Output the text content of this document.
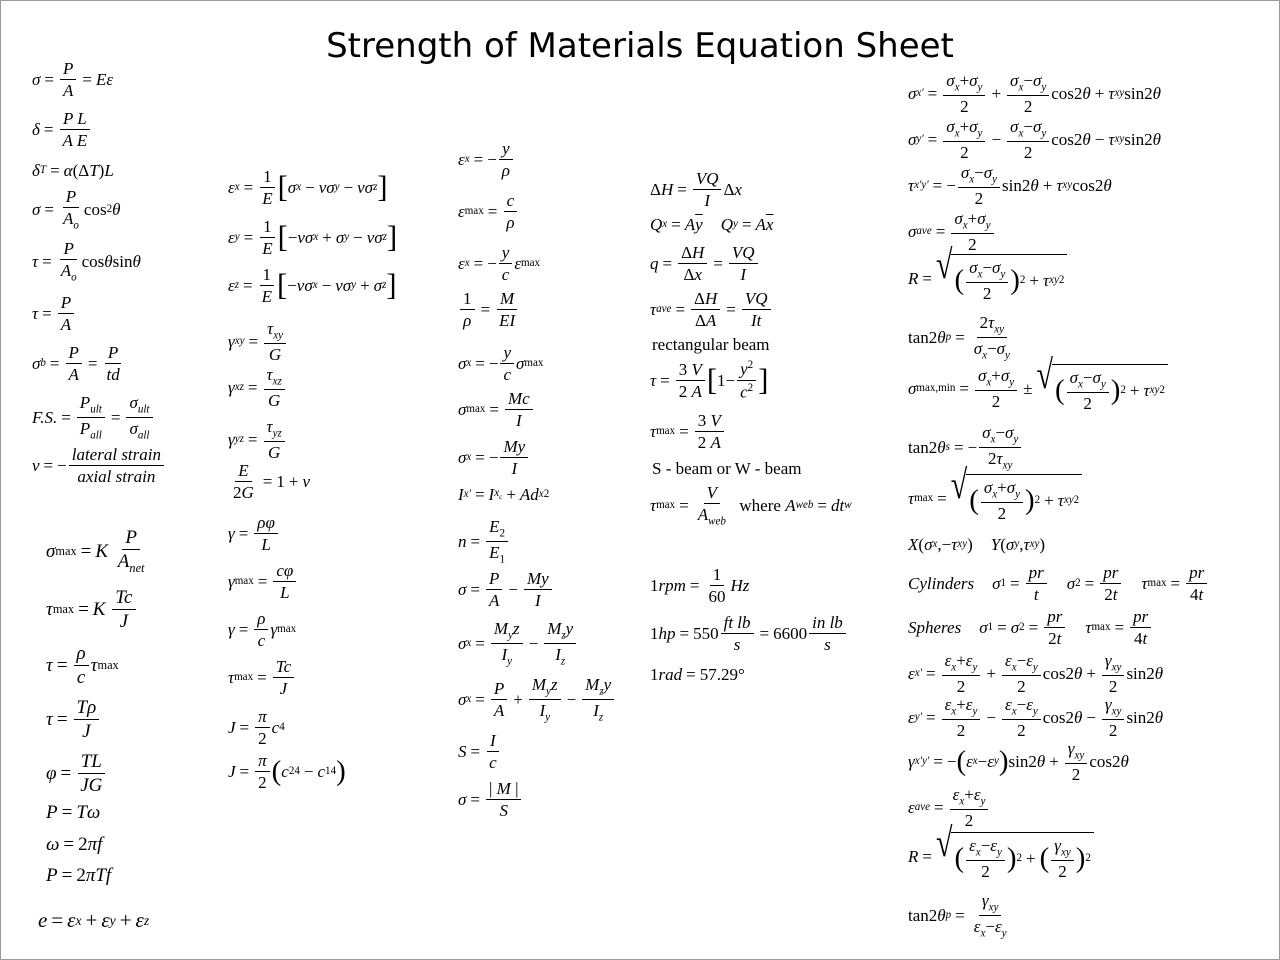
Strength of Materials Equation Sheet
$\sigma = \frac{P}{A} = E$ ε
$\delta = \frac{\text{P L}}{\text{A E}}$
δ T = α (Δ T ) L
$\sigma = \frac{P}{A_o}$ cos 2 θ
$\tau = \frac{P}{A_o}$ cos θ sin θ
$\tau = \frac{P}{A}$
σ $b = \frac{P}{A} = \frac{P}{td}$
F.S. = $\frac{P_{ult}}{P_{all}} = \frac{\sigma_{ult}}{\sigma_{all}}$
ν = − $\frac{\text{lateral strain}}{\text{axial strain}}$
σ max = K
$\frac{P}{A_{net}}$
τ max = K
$\frac{Tc}{J}$
$\tau = \frac{\rho}{c}$ τ max
$\tau = \frac{T\rho}{J}$
$\varphi = \frac{TL}{JG}$
P = Tω
ω = 2 πf
P = 2 πTf
e = ε x + ε y + ε z
ε $x = \frac{1}{E}$ [ σ x − νσ y − νσ z ]
ε $y = \frac{1}{E}$ [ − νσ x + σ y − νσ z ]
ε $z = \frac{1}{E}$ [ − νσ x − νσ y + σ z ]
γ xy = $\frac{\tau_{xy}}{G}$
γ xz = $\frac{\tau_{xz}}{G}$
γ yz = $\frac{\tau_{yz}}{G}$
$\frac{E}{2G} = 1 + \nu$
$\gamma = \frac{\rho\varphi}{L}$
γ $\max = \frac{c\varphi}{L}$
$\gamma = \frac{\rho}{c}$ γ max
τ $\max = \frac{Tc}{J}$
$J = \frac{\pi}{2}$ c 4
$J = \frac{\pi}{2}$ ( c 2 4 − c 1 4 )
ε x = − $\frac{y}{\rho}$
ε $\max = \frac{c}{\rho}$
ε x = − $\frac{y}{c}$ ε max
$\frac{1}{\rho} = \frac{M}{EI}$
σ x = − $\frac{y}{c}$ σ max
σ $\max = \frac{Mc}{I}$
σ x = − $\frac{My}{I}$
I x' = I $x_c + Ad$ x 2
$n = \frac{E_2}{E_1}$
$\sigma = \frac{P}{A} - \frac{My}{I}$
σ $x = \frac{M_yz}{I_y} - \frac{M_zy}{I_z}$
σ $x = \frac{P}{A} + \frac{M_yz}{I_y} - \frac{M_zy}{I_z}$
$S = \frac{I}{c}$
$\sigma = \frac{| M |}{S}$
Δ $H = \frac{VQ}{I}$ Δ x
Q x = A $\overline{y}$ Q y = A $\overline{x}$
$q = \frac{\Delta H}{\Delta x} = \frac{VQ}{I}$
τ ave = $\frac{\Delta H}{\Delta A} = \frac{VQ}{It}$
rectangular beam
$\tau = \frac{3 V}{2 A}$ [ $1- \frac{y^2}{c^2}$ ]
τ $\max = \frac{3 V}{2 A}$
S - beam or W - beam
τ $\max = \frac{V}{A_{web}}$
where
A web = dt w
1 rpm = $\frac{1}{60}$ Hz
1 hp = $550 \frac{\text{ft lb}}{s} = 6600 \frac{\text{in lb}}{s}$
1 rad = 57.29°
σ $x' = \frac{\sigma_x+\sigma_y}{2} + \frac{\sigma_x-\sigma_y}{2} \cos 2$ θ + τ xy sin2 θ
σ $y' = \frac{\sigma_x+\sigma_y}{2} - \frac{\sigma_x-\sigma_y}{2} \cos 2$ θ − τ xy sin2 θ
τ x'y' = − $\frac{\sigma_x-\sigma_y}{2} \sin 2$ θ + τ xy cos2 θ
σ ave = $\frac{\sigma_x+\sigma_y}{2}$
R = √ ( $\frac{\sigma_x-\sigma_y}{2}$ ) 2 + τ xy 2
tan2 θ $p = \frac{2\tau_{xy}}{\sigma_x-\sigma_y}$
σ $\max,\min = \frac{\sigma_x+\sigma_y}{2}$ ± √ ( $\frac{\sigma_x-\sigma_y}{2}$ ) 2 + τ xy 2
tan2 θ s = − $\frac{\sigma_x-\sigma_y}{2\tau_{xy}}$
τ max = √ ( $\frac{\sigma_x+\sigma_y}{2}$ ) 2 + τ xy 2
X ( σ x ,− τ xy ) Y ( σ y , τ xy )
Cylinders σ $1 = \frac{pr}{t}$ σ $2 = \frac{pr}{2t}$ τ $\max = \frac{pr}{4t}$
Spheres σ 1 = σ $2 = \frac{pr}{2t}$ τ $\max = \frac{pr}{4t}$
ε $x' = \frac{\varepsilon_x+\varepsilon_y}{2} + \frac{\varepsilon_x-\varepsilon_y}{2} \cos 2$ $\theta + \frac{\gamma_{xy}}{2} \sin 2$ θ
ε $y' = \frac{\varepsilon_x+\varepsilon_y}{2} - \frac{\varepsilon_x-\varepsilon_y}{2} \cos 2$ $\theta - \frac{\gamma_{xy}}{2} \sin 2$ θ
γ x'y' = − ( ε x − ε y ) sin2 $\theta + \frac{\gamma_{xy}}{2} \cos 2$ θ
ε ave = $\frac{\varepsilon_x+\varepsilon_y}{2}$
R = √ ( $\frac{\varepsilon_x-\varepsilon_y}{2}$ ) 2 + ( $\frac{\gamma_{xy}}{2}$ ) 2
tan2 θ $p = \frac{\gamma_{xy}}{\varepsilon_x-\varepsilon_y}$
